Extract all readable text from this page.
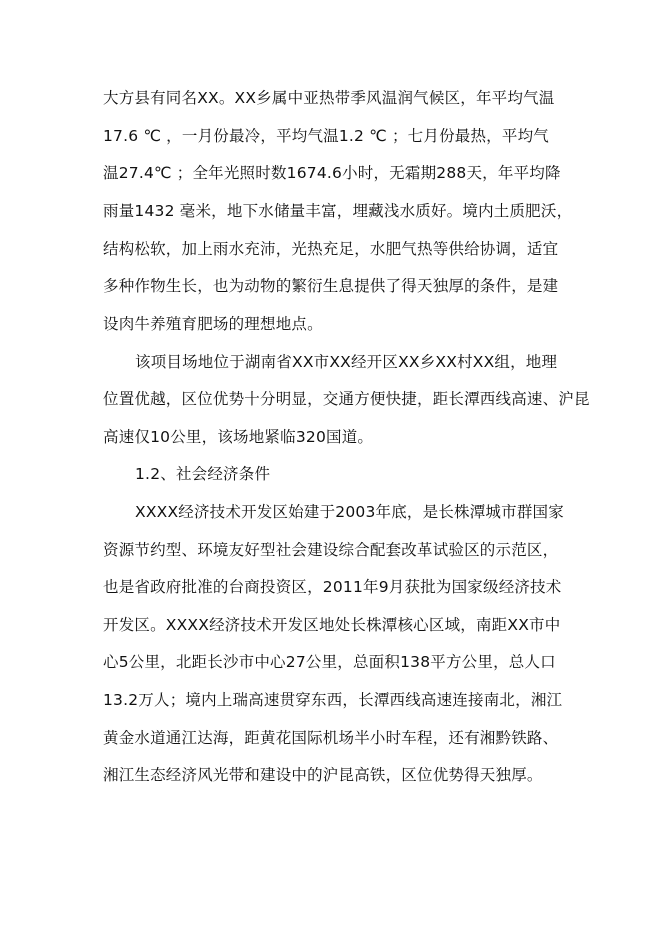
大方县有同名XX。XX乡属中亚热带季风温润气候区，年平均气温
17.6 ℃ ，一月份最冷，平均气温1.2 ℃ ；七月份最热，平均气
温27.4℃ ；全年光照时数1674.6小时，无霜期288天，年平均降
雨量1432 毫米，地下水储量丰富，埋藏浅水质好。境内土质肥沃，
结构松软，加上雨水充沛，光热充足，水肥气热等供给协调，适宜
多种作物生长，也为动物的繁衍生息提供了得天独厚的条件，是建
设肉牛养殖育肥场的理想地点。
该项目场地位于湖南省XX市XX经开区XX乡XX村XX组，地理
位置优越，区位优势十分明显，交通方便快捷，距长潭西线高速、沪昆
高速仅10公里，该场地紧临320国道。
1.2、社会经济条件
XXXX经济技术开发区始建于2003年底，是长株潭城市群国家
资源节约型、环境友好型社会建设综合配套改革试验区的示范区，
也是省政府批准的台商投资区，2011年9月获批为国家级经济技术
开发区。XXXX经济技术开发区地处长株潭核心区域，南距XX市中
心5公里，北距长沙市中心27公里，总面积138平方公里，总人口
13.2万人；境内上瑞高速贯穿东西，长潭西线高速连接南北，湘江
黄金水道通江达海，距黄花国际机场半小时车程，还有湘黔铁路、
湘江生态经济风光带和建设中的沪昆高铁，区位优势得天独厚。
